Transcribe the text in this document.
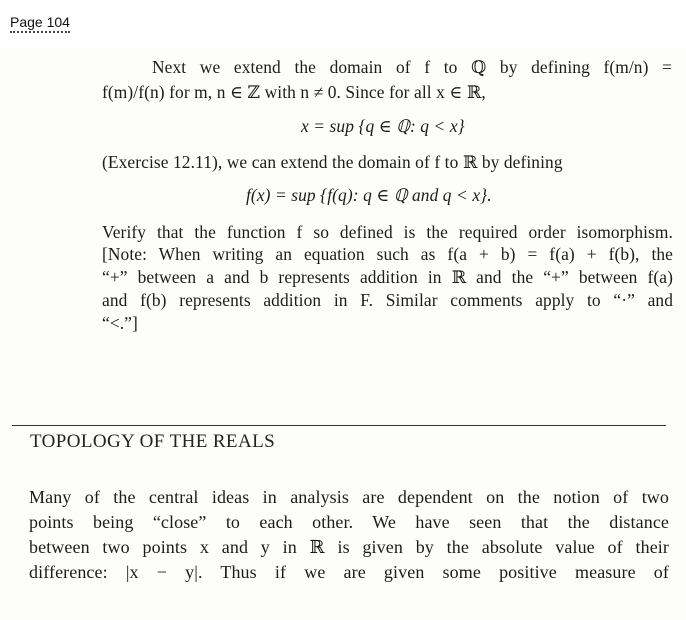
Page 104
Next we extend the domain of f to ℚ by defining f(m/n) =
f(m)/f(n) for m, n ∈ ℤ with n ≠ 0. Since for all x ∈ ℝ,
x = sup {q ∈ ℚ: q < x}
(Exercise 12.11), we can extend the domain of f to ℝ by defining
f(x) = sup {f(q): q ∈ ℚ and q < x}.
Verify that the function f so defined is the required order isomorphism.
[Note: When writing an equation such as f(a + b) = f(a) + f(b), the
“+” between a and b represents addition in ℝ and the “+” between f(a)
and f(b) represents addition in F. Similar comments apply to “·” and
“<.”]
TOPOLOGY OF THE REALS
Many of the central ideas in analysis are dependent on the notion of two
points being “close” to each other. We have seen that the distance
between two points x and y in ℝ is given by the absolute value of their
difference: |x − y|. Thus if we are given some positive measure of
